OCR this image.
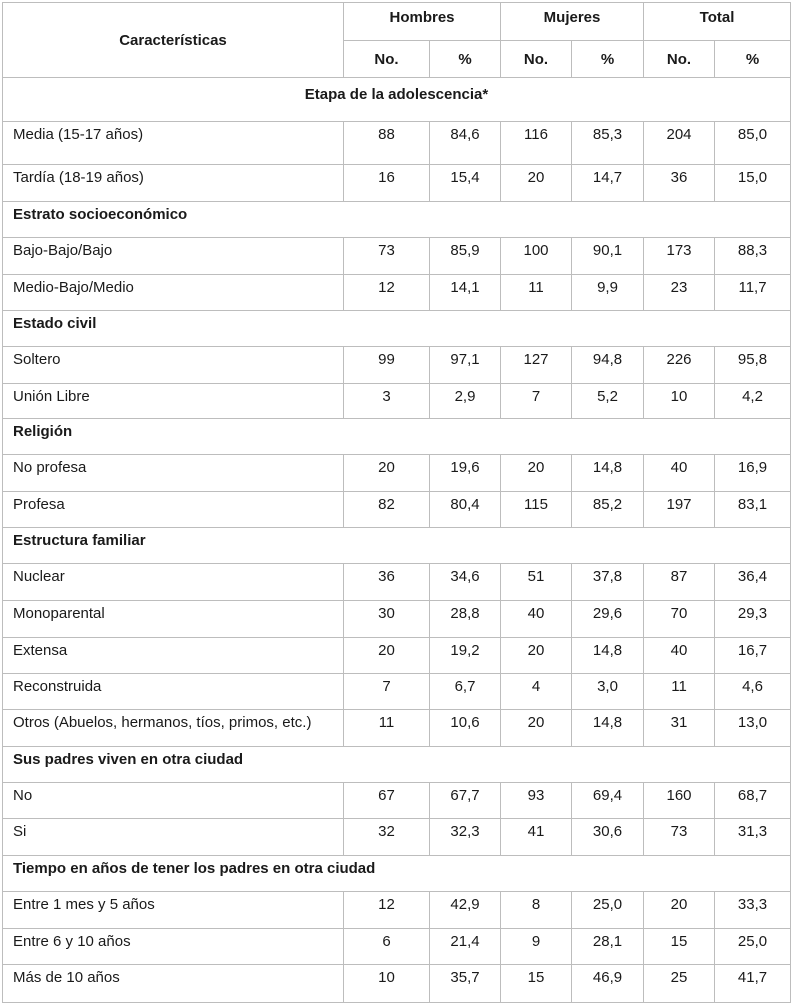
Características	Hombres		Mujeres		Total	
	No.	%	No.	%	No.	%
Etapa de la adolescencia*						
Media (15-17 años)	88	84,6	116	85,3	204	85,0
Tardía (18-19 años)	16	15,4	20	14,7	36	15,0
Estrato socioeconómico						
Bajo-Bajo/Bajo	73	85,9	100	90,1	173	88,3
Medio-Bajo/Medio	12	14,1	11	9,9	23	11,7
Estado civil						
Soltero	99	97,1	127	94,8	226	95,8
Unión Libre	3	2,9	7	5,2	10	4,2
Religión						
No profesa	20	19,6	20	14,8	40	16,9
Profesa	82	80,4	115	85,2	197	83,1
Estructura familiar						
Nuclear	36	34,6	51	37,8	87	36,4
Monoparental	30	28,8	40	29,6	70	29,3
Extensa	20	19,2	20	14,8	40	16,7
Reconstruida	7	6,7	4	3,0	11	4,6
Otros (Abuelos, hermanos, tíos, primos, etc.)	11	10,6	20	14,8	31	13,0
Sus padres viven en otra ciudad						
No	67	67,7	93	69,4	160	68,7
Si	32	32,3	41	30,6	73	31,3
Tiempo en años de tener los padres en otra ciudad						
Entre 1 mes y 5 años	12	42,9	8	25,0	20	33,3
Entre 6 y 10 años	6	21,4	9	28,1	15	25,0
Más de 10 años	10	35,7	15	46,9	25	41,7
